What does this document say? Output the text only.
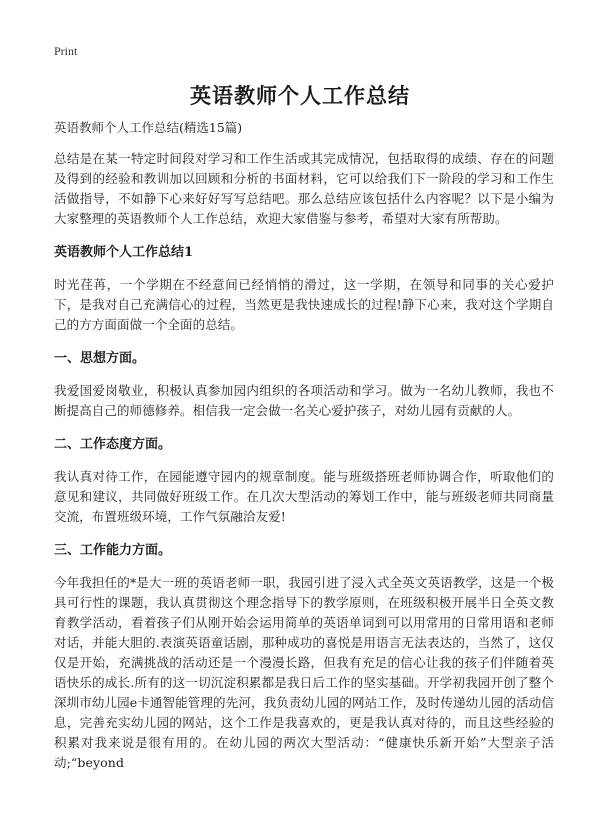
Print
英语教师个人工作总结
英语教师个人工作总结(精选15篇)

总结是在某一特定时间段对学习和工作生活或其完成情况，包括取得的成绩、存在的问题及得到的经验和教训加以回顾和分析的书面材料，它可以给我们下一阶段的学习和工作生活做指导，不如静下心来好好写写总结吧。那么总结应该包括什么内容呢？以下是小编为大家整理的英语教师个人工作总结，欢迎大家借鉴与参考，希望对大家有所帮助。

英语教师个人工作总结1

时光荏苒，一个学期在不经意间已经悄悄的滑过，这一学期，在领导和同事的关心爱护下，是我对自己充满信心的过程，当然更是我快速成长的过程!静下心来，我对这个学期自己的方方面面做一个全面的总结。

一、思想方面。

我爱国爱岗敬业，积极认真参加园内组织的各项活动和学习。做为一名幼儿教师，我也不断提高自己的师德修养。相信我一定会做一名关心爱护孩子，对幼儿园有贡献的人。

二、工作态度方面。

我认真对待工作，在园能遵守园内的规章制度。能与班级搭班老师协调合作，听取他们的意见和建议，共同做好班级工作。在几次大型活动的筹划工作中，能与班级老师共同商量交流，布置班级环境，工作气氛融洽友爱!

三、工作能力方面。

今年我担任的*是大一班的英语老师一职，我园引进了浸入式全英文英语教学，这是一个极具可行性的课题，我认真贯彻这个理念指导下的教学原则，在班级积极开展半日全英文教育教学活动，看着孩子们从刚开始会运用简单的英语单词到可以用常用的日常用语和老师对话，并能大胆的.表演英语童话剧，那种成功的喜悦是用语言无法表达的，当然了，这仅仅是开始，充满挑战的活动还是一个漫漫长路，但我有充足的信心让我的孩子们伴随着英语快乐的成长.所有的这一切沉淀积累都是我日后工作的坚实基础。开学初我园开创了整个深圳市幼儿园e卡通智能管理的先河，我负责幼儿园的网站工作，及时传递幼儿园的活动信息，完善充实幼儿园的网站，这个工作是我喜欢的，更是我认真对待的，而且这些经验的积累对我来说是很有用的。在幼儿园的两次大型活动：“健康快乐新开始”大型亲子活动;“beyond
